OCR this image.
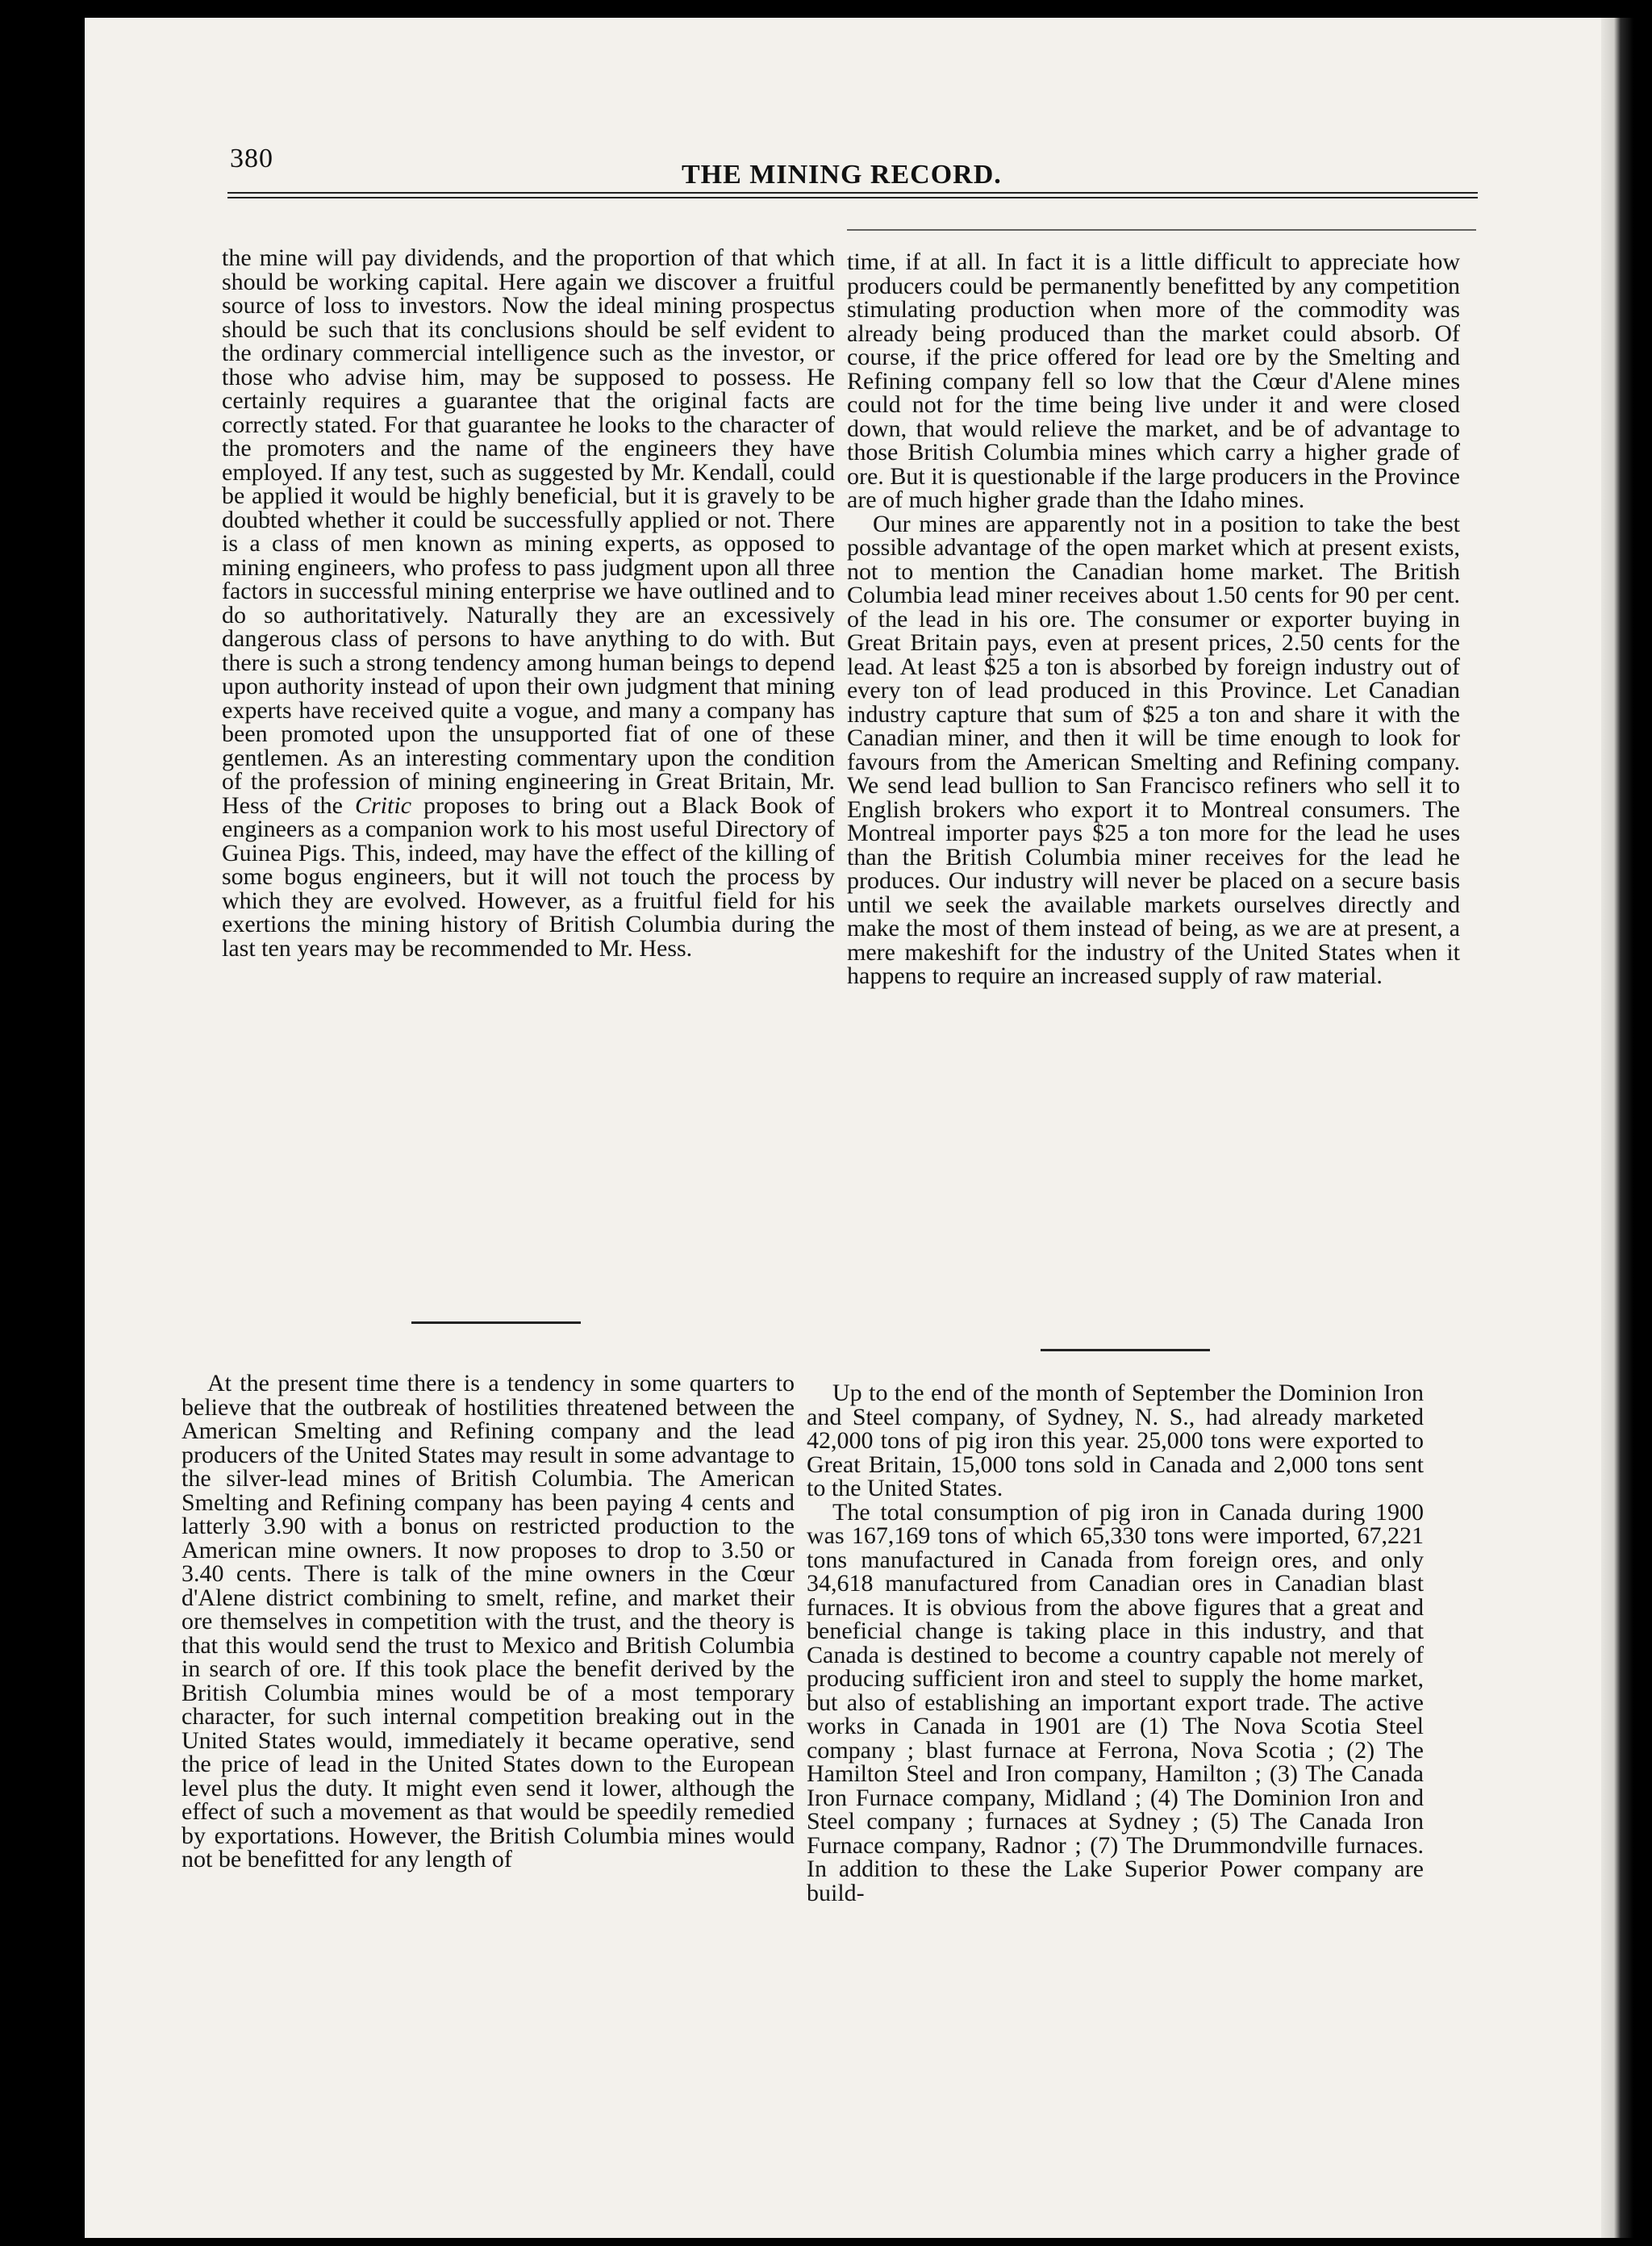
380
THE MINING RECORD.

the mine will pay dividends, and the proportion of that which should be working capital. Here again we discover a fruitful source of loss to investors. Now the ideal mining prospectus should be such that its conclusions should be self evident to the ordinary commercial intelligence such as the investor, or those who advise him, may be supposed to possess. He certainly requires a guarantee that the original facts are correctly stated. For that guarantee he looks to the character of the promoters and the name of the engineers they have employed. If any test, such as suggested by Mr. Kendall, could be applied it would be highly beneficial, but it is gravely to be doubted whether it could be successfully applied or not. There is a class of men known as mining experts, as opposed to mining engineers, who profess to pass judgment upon all three factors in successful mining enterprise we have outlined and to do so authoritatively. Naturally they are an excessively dangerous class of persons to have anything to do with. But there is such a strong tendency among human beings to depend upon authority instead of upon their own judgment that mining experts have received quite a vogue, and many a company has been promoted upon the unsupported fiat of one of these gentlemen. As an interesting commentary upon the condition of the profession of mining engineering in Great Britain, Mr. Hess of the Critic proposes to bring out a Black Book of engineers as a companion work to his most useful Directory of Guinea Pigs. This, indeed, may have the effect of the killing of some bogus engineers, but it will not touch the process by which they are evolved. However, as a fruitful field for his exertions the mining history of British Columbia during the last ten years may be recommended to Mr. Hess.

At the present time there is a tendency in some quarters to believe that the outbreak of hostilities threatened between the American Smelting and Refining company and the lead producers of the United States may result in some advantage to the silver-lead mines of British Columbia. The American Smelting and Refining company has been paying 4 cents and latterly 3.90 with a bonus on restricted production to the American mine owners. It now proposes to drop to 3.50 or 3.40 cents. There is talk of the mine owners in the Cœur d'Alene district combining to smelt, refine, and market their ore themselves in competition with the trust, and the theory is that this would send the trust to Mexico and British Columbia in search of ore. If this took place the benefit derived by the British Columbia mines would be of a most temporary character, for such internal competition breaking out in the United States would, immediately it became operative, send the price of lead in the United States down to the European level plus the duty. It might even send it lower, although the effect of such a movement as that would be speedily remedied by exportations. However, the British Columbia mines would not be benefitted for any length of

time, if at all. In fact it is a little difficult to appreciate how producers could be permanently benefitted by any competition stimulating production when more of the commodity was already being produced than the market could absorb. Of course, if the price offered for lead ore by the Smelting and Refining company fell so low that the Cœur d'Alene mines could not for the time being live under it and were closed down, that would relieve the market, and be of advantage to those British Columbia mines which carry a higher grade of ore. But it is questionable if the large producers in the Province are of much higher grade than the Idaho mines.

Our mines are apparently not in a position to take the best possible advantage of the open market which at present exists, not to mention the Canadian home market. The British Columbia lead miner receives about 1.50 cents for 90 per cent. of the lead in his ore. The consumer or exporter buying in Great Britain pays, even at present prices, 2.50 cents for the lead. At least $25 a ton is absorbed by foreign industry out of every ton of lead produced in this Province. Let Canadian industry capture that sum of $25 a ton and share it with the Canadian miner, and then it will be time enough to look for favours from the American Smelting and Refining company. We send lead bullion to San Francisco refiners who sell it to English brokers who export it to Montreal consumers. The Montreal importer pays $25 a ton more for the lead he uses than the British Columbia miner receives for the lead he produces. Our industry will never be placed on a secure basis until we seek the available markets ourselves directly and make the most of them instead of being, as we are at present, a mere makeshift for the industry of the United States when it happens to require an increased supply of raw material.

Up to the end of the month of September the Dominion Iron and Steel company, of Sydney, N. S., had already marketed 42,000 tons of pig iron this year. 25,000 tons were exported to Great Britain, 15,000 tons sold in Canada and 2,000 tons sent to the United States.

The total consumption of pig iron in Canada during 1900 was 167,169 tons of which 65,330 tons were imported, 67,221 tons manufactured in Canada from foreign ores, and only 34,618 manufactured from Canadian ores in Canadian blast furnaces. It is obvious from the above figures that a great and beneficial change is taking place in this industry, and that Canada is destined to become a country capable not merely of producing sufficient iron and steel to supply the home market, but also of establishing an important export trade. The active works in Canada in 1901 are (1) The Nova Scotia Steel company ; blast furnace at Ferrona, Nova Scotia ; (2) The Hamilton Steel and Iron company, Hamilton ; (3) The Canada Iron Furnace company, Midland ; (4) The Dominion Iron and Steel company ; furnaces at Sydney ; (5) The Canada Iron Furnace company, Radnor ; (7) The Drummondville furnaces. In addition to these the Lake Superior Power company are build-
